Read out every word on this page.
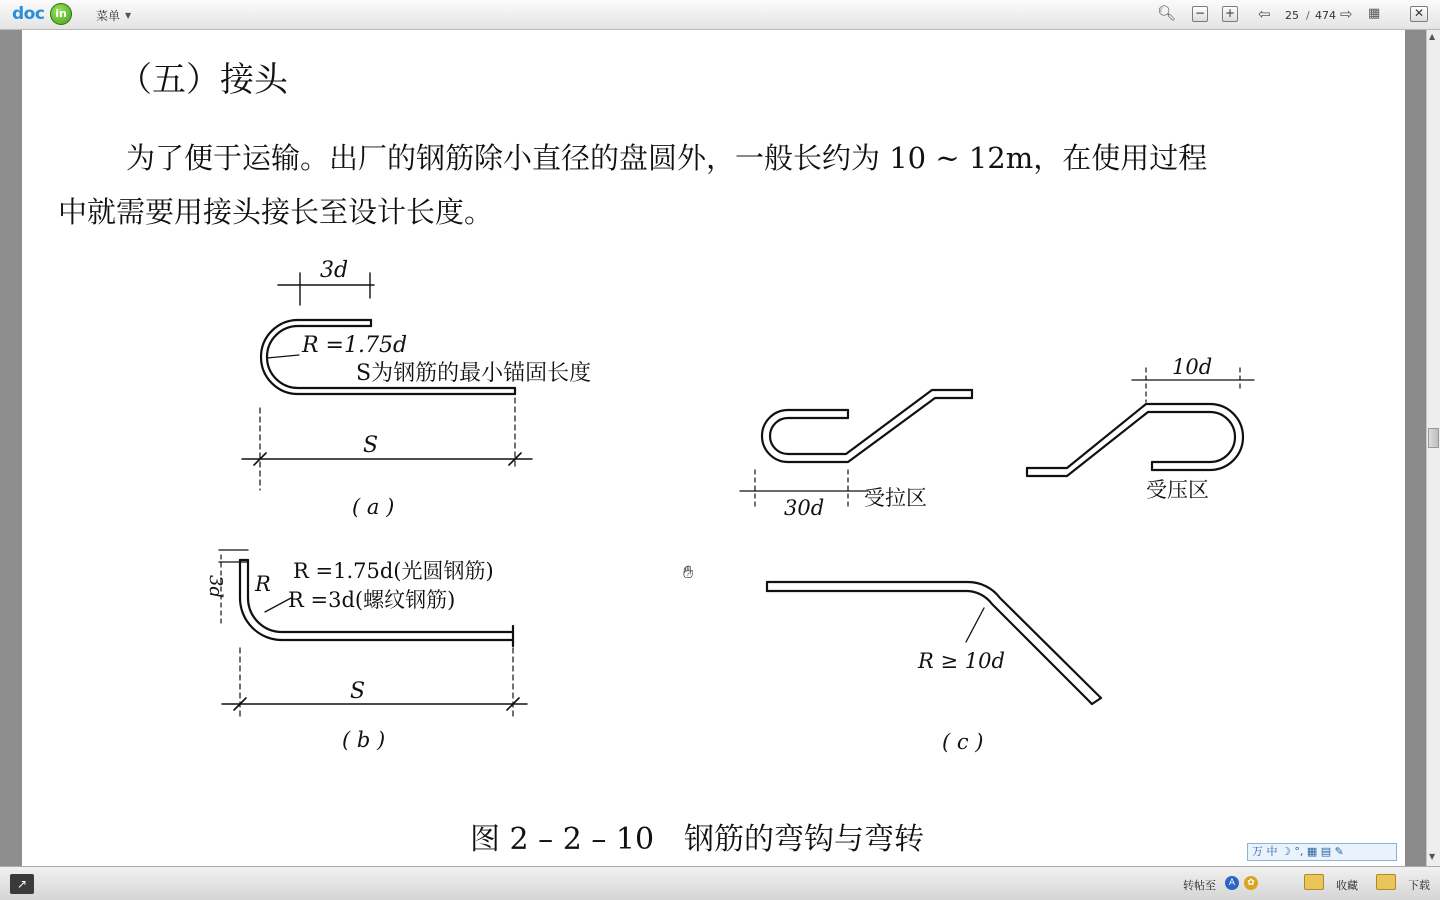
doc in	菜单 ▼	🔍︎ − + ⇦ 25 / 474 ⇨ ▦	✕
（五）接头
为了便于运输。出厂的钢筋除小直径的盘圆外，一般长约为 10 ~ 12m，在使用过程
中就需要用接头接长至设计长度。
3d
R =1.75d
S为钢筋的最小锚固长度
S
( a )
3d R
R =1.75d(光圆钢筋)
R =3d(螺纹钢筋)
S
( b )
30d 受拉区
10d
受压区
R ≥ 10d
( c )
图 2 – 2 – 10　钢筋的弯钩与弯转
✋︎
万 中 ☽ °, ▦ ▤ ✎
▲
▼
↗	转帖至	A	✿	收藏	下载
